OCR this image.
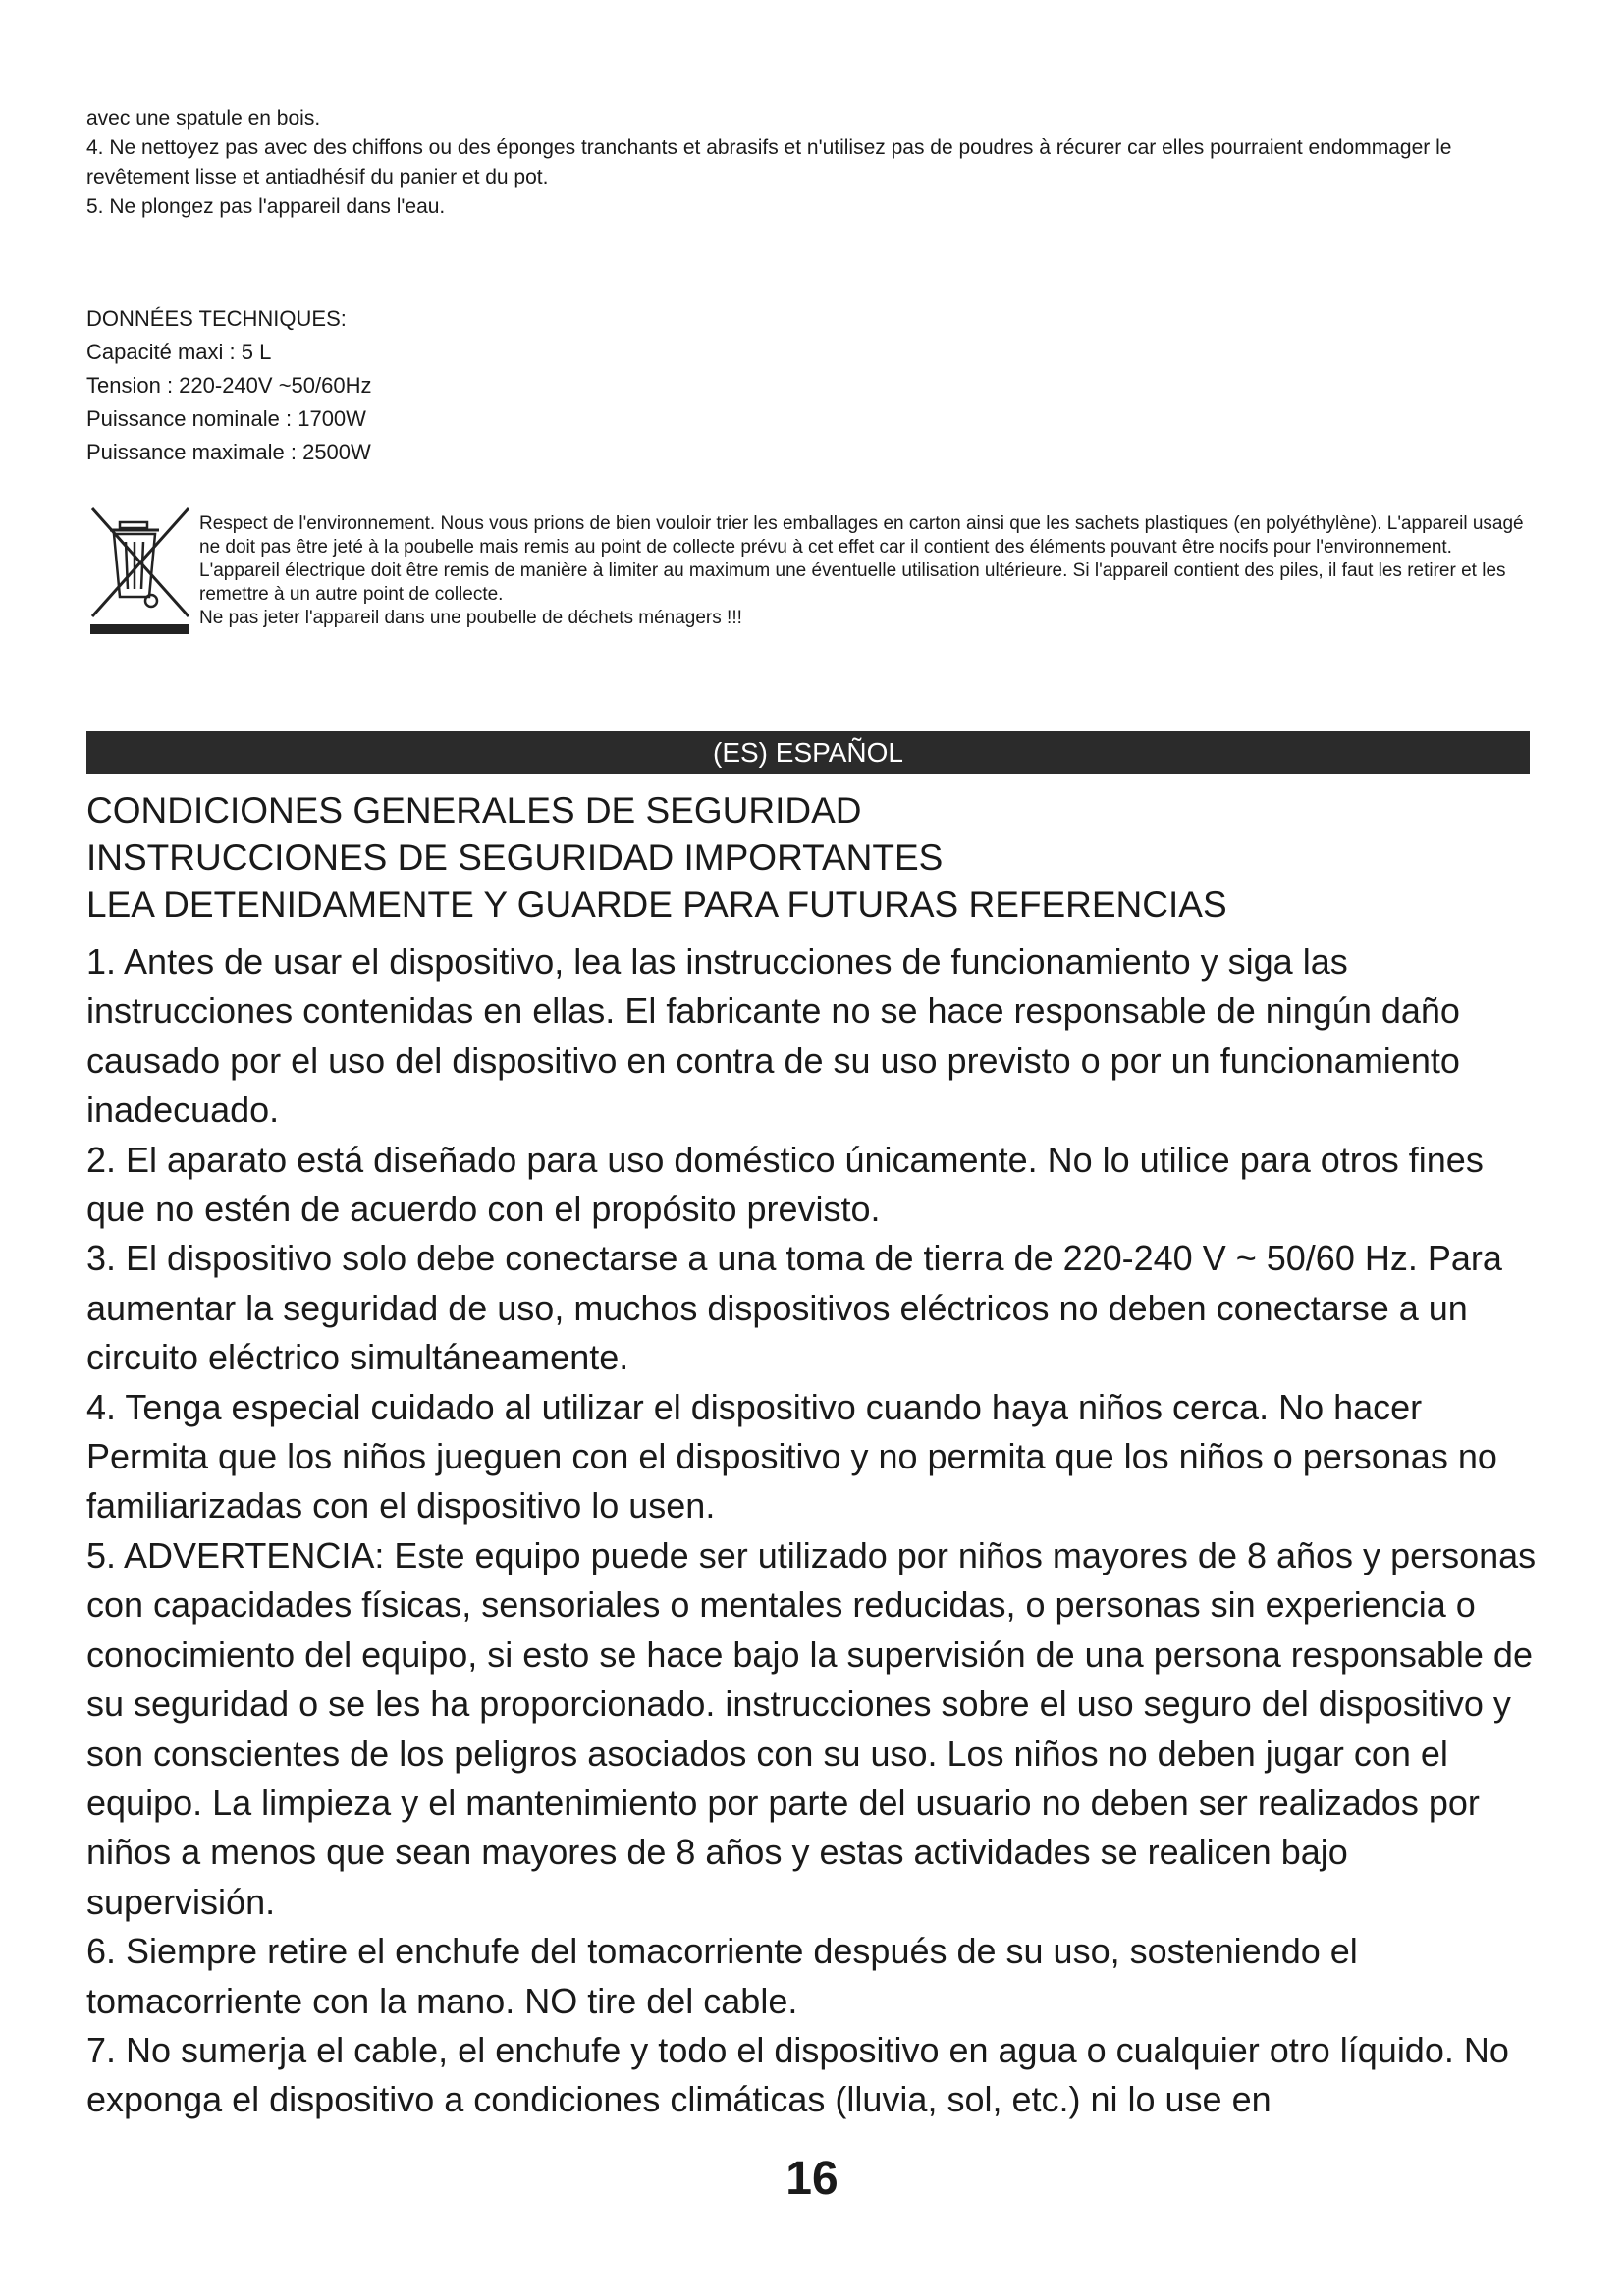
avec une spatule en bois.

4. Ne nettoyez pas avec des chiffons ou des éponges tranchants et abrasifs et n'utilisez pas de poudres à récurer car elles pourraient endommager le revêtement lisse et antiadhésif du panier et du pot.

5. Ne plongez pas l'appareil dans l'eau.

DONNÉES TECHNIQUES:

Capacité maxi : 5 L

Tension : 220-240V ~50/60Hz

Puissance nominale : 1700W

Puissance maximale : 2500W

Respect de l'environnement. Nous vous prions de bien vouloir trier les emballages en carton ainsi que les sachets plastiques (en polyéthylène). L'appareil usagé ne doit pas être jeté à la poubelle mais remis au point de collecte prévu à cet effet car il contient des éléments pouvant être nocifs pour l'environnement. L'appareil électrique doit être remis de manière à limiter au maximum une éventuelle utilisation ultérieure. Si l'appareil contient des piles, il faut les retirer et les remettre à un autre point de collecte.

Ne pas jeter l'appareil dans une poubelle de déchets ménagers !!!

(ES) ESPAÑOL

CONDICIONES GENERALES DE SEGURIDAD

INSTRUCCIONES DE SEGURIDAD IMPORTANTES

LEA DETENIDAMENTE Y GUARDE PARA FUTURAS REFERENCIAS

1. Antes de usar el dispositivo, lea las instrucciones de funcionamiento y siga las instrucciones contenidas en ellas. El fabricante no se hace responsable de ningún daño causado por el uso del dispositivo en contra de su uso previsto o por un funcionamiento inadecuado.

2. El aparato está diseñado para uso doméstico únicamente. No lo utilice para otros fines que no estén de acuerdo con el propósito previsto.

3. El dispositivo solo debe conectarse a una toma de tierra de 220-240 V ~ 50/60 Hz. Para aumentar la seguridad de uso, muchos dispositivos eléctricos no deben conectarse a un circuito eléctrico simultáneamente.

4. Tenga especial cuidado al utilizar el dispositivo cuando haya niños cerca. No hacer Permita que los niños jueguen con el dispositivo y no permita que los niños o personas no familiarizadas con el dispositivo lo usen.

5. ADVERTENCIA: Este equipo puede ser utilizado por niños mayores de 8 años y personas con capacidades físicas, sensoriales o mentales reducidas, o personas sin experiencia o conocimiento del equipo, si esto se hace bajo la supervisión de una persona responsable de su seguridad o se les ha proporcionado. instrucciones sobre el uso seguro del dispositivo y son conscientes de los peligros asociados con su uso. Los niños no deben jugar con el equipo. La limpieza y el mantenimiento por parte del usuario no deben ser realizados por niños a menos que sean mayores de 8 años y estas actividades se realicen bajo supervisión.

6. Siempre retire el enchufe del tomacorriente después de su uso, sosteniendo el tomacorriente con la mano. NO tire del cable.

7. No sumerja el cable, el enchufe y todo el dispositivo en agua o cualquier otro líquido. No exponga el dispositivo a condiciones climáticas (lluvia, sol, etc.) ni lo use en

16
